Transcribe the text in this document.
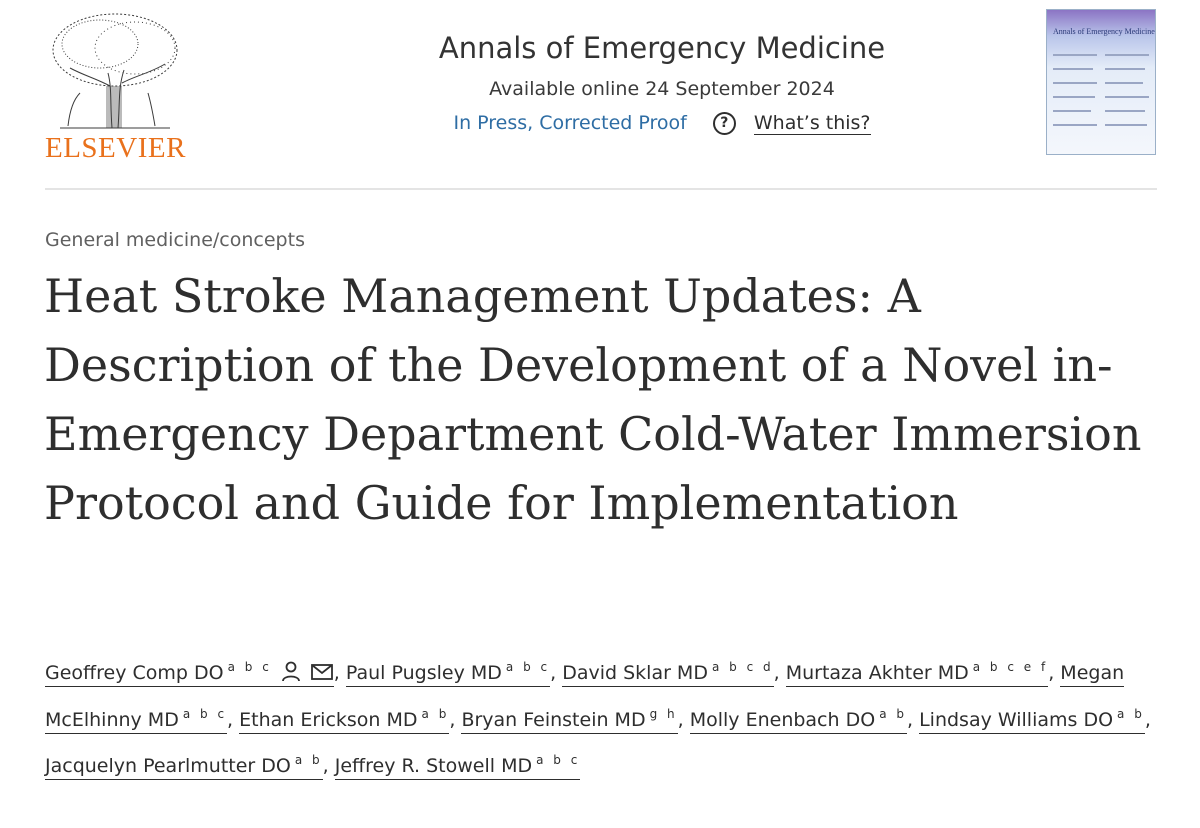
ELSEVIER
Annals of Emergency Medicine
Available online 24 September 2024
In Press, Corrected Proof	?	What’s this?
Annals of Emergency Medicine
General medicine/concepts
Heat Stroke Management Updates: A Description of the Development of a Novel in-Emergency Department Cold-Water Immersion Protocol and Guide for Implementation
Geoffrey Comp DO $^{a b c}$	, Paul Pugsley MD $^{a b c}$, David Sklar MD $^{a b c d}$, Murtaza Akhter MD $^{a b c e f}$, Megan McElhinny MD $^{a b c}$, Ethan Erickson MD $^{a b}$, Bryan Feinstein MD $^{g h}$, Molly Enenbach DO $^{a b}$, Lindsay Williams DO $^{a b}$, Jacquelyn Pearlmutter DO $^{a b}$, Jeffrey R. Stowell MD $^{a b c}$
